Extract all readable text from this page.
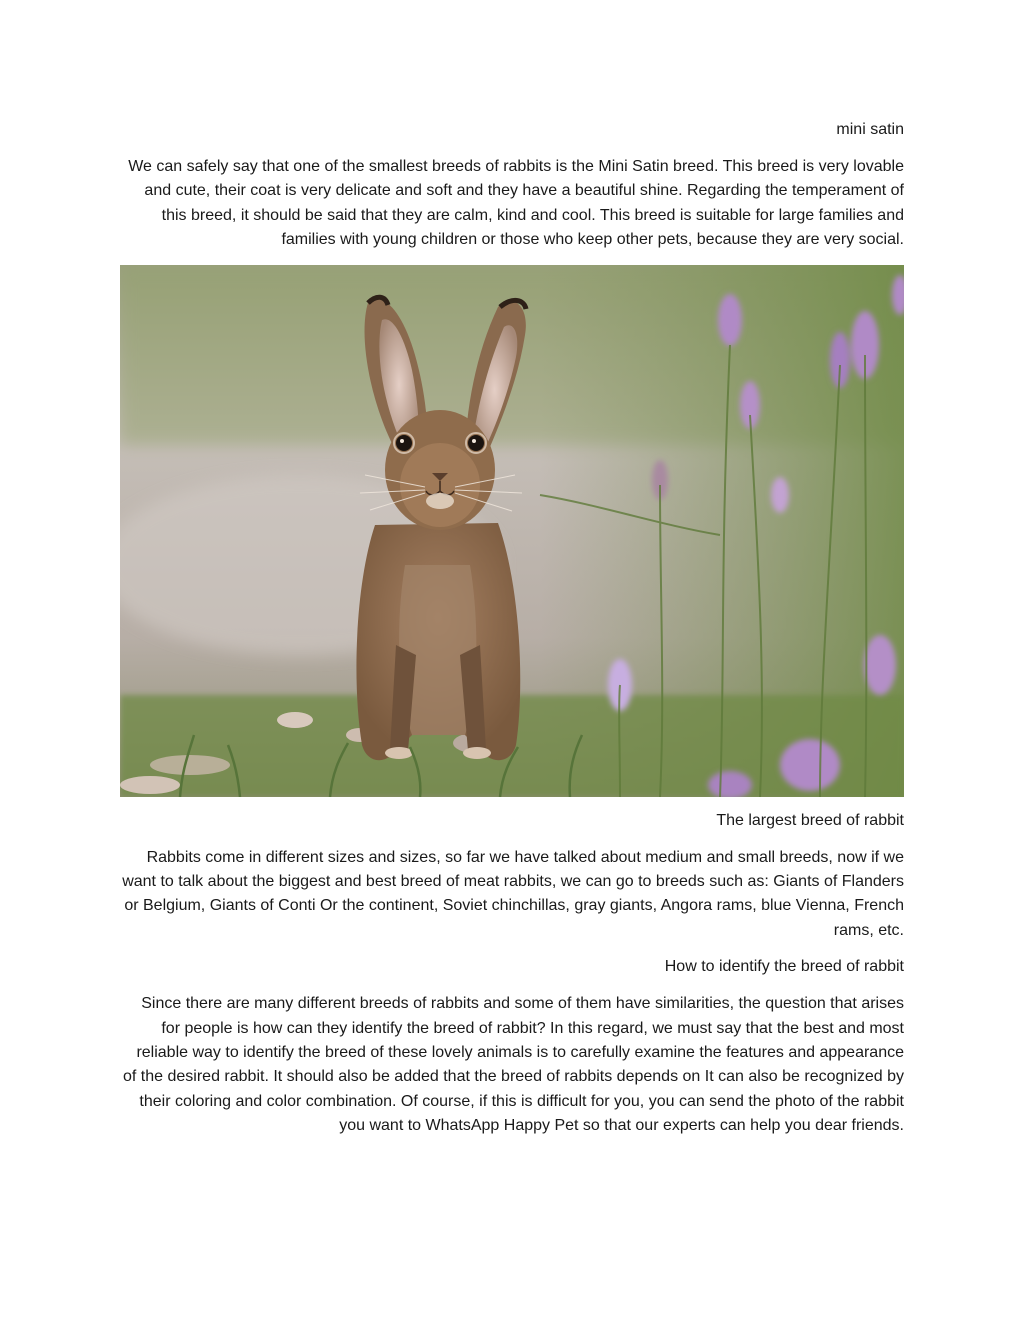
mini satin

We can safely say that one of the smallest breeds of rabbits is the Mini Satin breed. This breed is very lovable and cute, their coat is very delicate and soft and they have a beautiful shine. Regarding the temperament of this breed, it should be said that they are calm, kind and cool. This breed is suitable for large families and families with young children or those who keep other pets, because they are very social.

The largest breed of rabbit

Rabbits come in different sizes and sizes, so far we have talked about medium and small breeds, now if we want to talk about the biggest and best breed of meat rabbits, we can go to breeds such as: Giants of Flanders or Belgium, Giants of Conti Or the continent, Soviet chinchillas, gray giants, Angora rams, blue Vienna, French rams, etc.

How to identify the breed of rabbit

Since there are many different breeds of rabbits and some of them have similarities, the question that arises for people is how can they identify the breed of rabbit? In this regard, we must say that the best and most reliable way to identify the breed of these lovely animals is to carefully examine the features and appearance of the desired rabbit. It should also be added that the breed of rabbits depends on It can also be recognized by their coloring and color combination. Of course, if this is difficult for you, you can send the photo of the rabbit you want to WhatsApp Happy Pet so that our experts can help you dear friends.
